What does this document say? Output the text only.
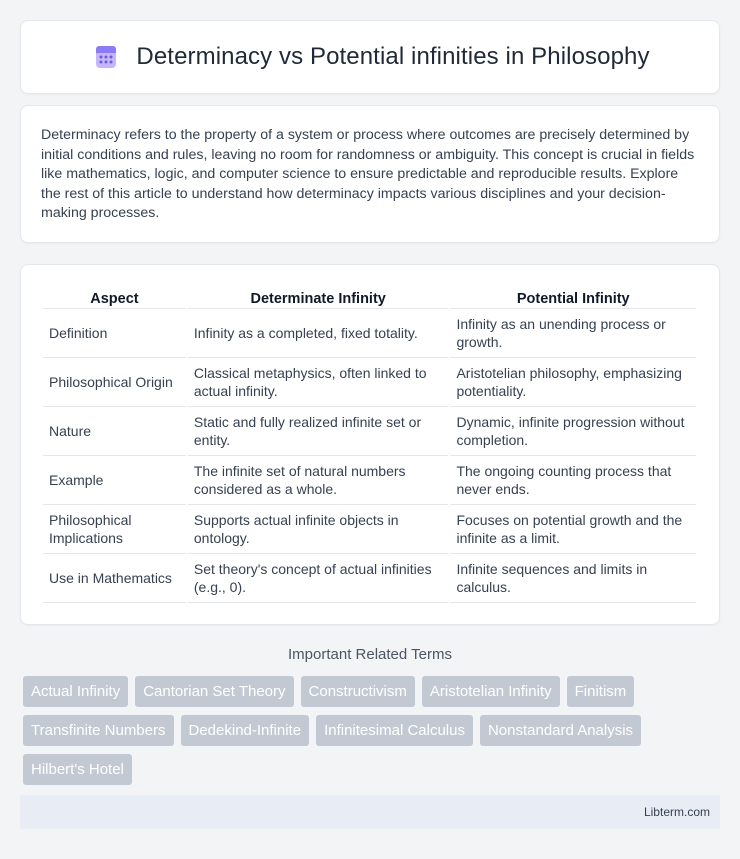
Determinacy vs Potential infinities in Philosophy

Determinacy refers to the property of a system or process where outcomes are precisely determined by initial conditions and rules, leaving no room for randomness or ambiguity. This concept is crucial in fields like mathematics, logic, and computer science to ensure predictable and reproducible results. Explore the rest of this article to understand how determinacy impacts various disciplines and your decision-making processes.

Aspect	Determinate Infinity	Potential Infinity
Definition	Infinity as a completed, fixed totality.	Infinity as an unending process or growth.
Philosophical Origin	Classical metaphysics, often linked to actual infinity.	Aristotelian philosophy, emphasizing potentiality.
Nature	Static and fully realized infinite set or entity.	Dynamic, infinite progression without completion.
Example	The infinite set of natural numbers considered as a whole.	The ongoing counting process that never ends.
Philosophical Implications	Supports actual infinite objects in ontology.	Focuses on potential growth and the infinite as a limit.
Use in Mathematics	Set theory's concept of actual infinities (e.g., 0).	Infinite sequences and limits in calculus.
Important Related Terms
Actual Infinity	Cantorian Set Theory	Constructivism	Aristotelian Infinity	Finitism
Transfinite Numbers	Dedekind-Infinite	Infinitesimal Calculus	Nonstandard Analysis
Hilbert's Hotel
Libterm.com
